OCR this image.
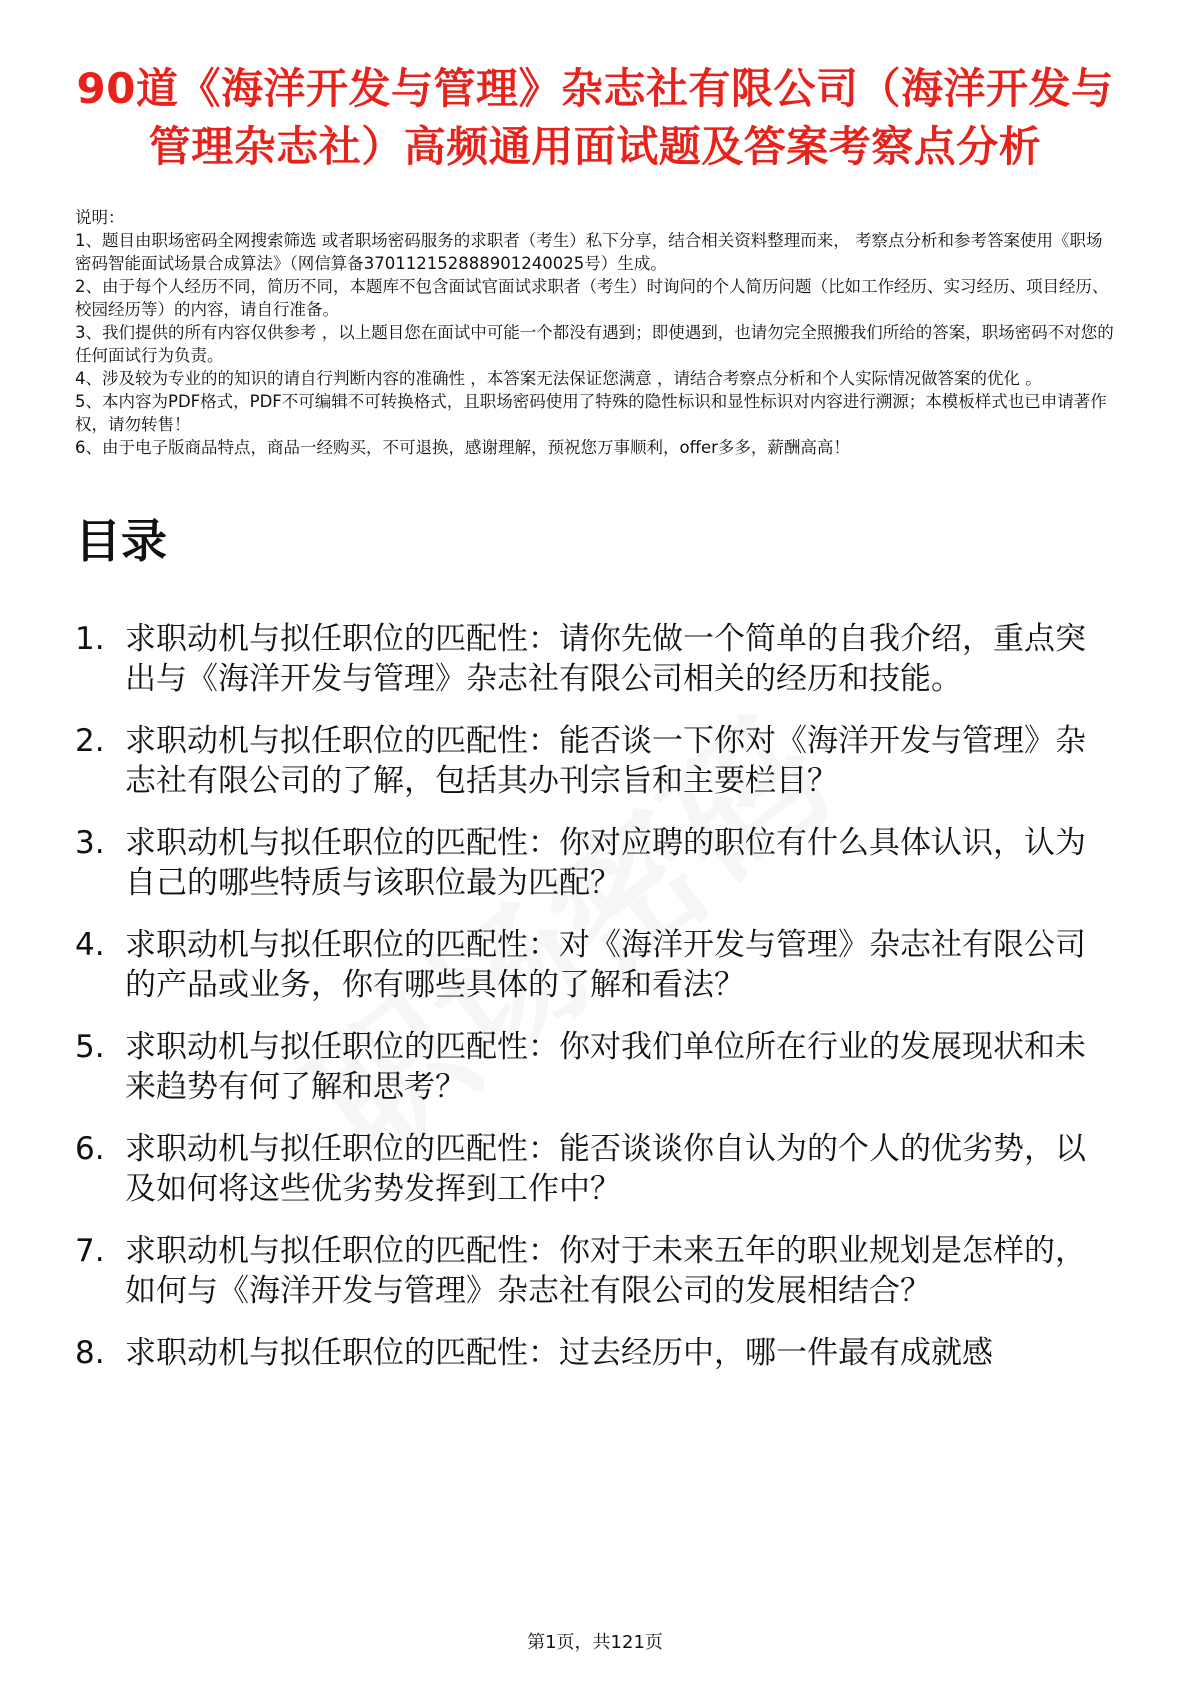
90道《海洋开发与管理》杂志社有限公司（海洋开发与管理杂志社）高频通用面试题及答案考察点分析
说明：
1、题目由职场密码全网搜索筛选 或者职场密码服务的求职者（考生）私下分享，结合相关资料整理而来， 考察点分析和参考答案使用《职场密码智能面试场景合成算法》（网信算备370112152888901240025号）生成。
2、由于每个人经历不同，简历不同，本题库不包含面试官面试求职者（考生）时询问的个人简历问题（比如工作经历、实习经历、项目经历、校园经历等）的内容，请自行准备。
3、我们提供的所有内容仅供参考 ，以上题目您在面试中可能一个都没有遇到；即使遇到，也请勿完全照搬我们所给的答案，职场密码不对您的任何面试行为负责。
4、涉及较为专业的的知识的请自行判断内容的准确性 ，本答案无法保证您满意 ，请结合考察点分析和个人实际情况做答案的优化 。
5、本内容为PDF格式，PDF不可编辑不可转换格式，且职场密码使用了特殊的隐性标识和显性标识对内容进行溯源；本模板样式也已申请著作权，请勿转售！
6、由于电子版商品特点，商品一经购买，不可退换，感谢理解，预祝您万事顺利，offer多多，薪酬高高！
目录
1. 求职动机与拟任职位的匹配性：请你先做一个简单的自我介绍，重点突出与《海洋开发与管理》杂志社有限公司相关的经历和技能。
2. 求职动机与拟任职位的匹配性：能否谈一下你对《海洋开发与管理》杂志社有限公司的了解，包括其办刊宗旨和主要栏目？
3. 求职动机与拟任职位的匹配性：你对应聘的职位有什么具体认识，认为自己的哪些特质与该职位最为匹配？
4. 求职动机与拟任职位的匹配性：对《海洋开发与管理》杂志社有限公司的产品或业务，你有哪些具体的了解和看法？
5. 求职动机与拟任职位的匹配性：你对我们单位所在行业的发展现状和未来趋势有何了解和思考？
6. 求职动机与拟任职位的匹配性：能否谈谈你自认为的个人的优劣势，以及如何将这些优劣势发挥到工作中？
7. 求职动机与拟任职位的匹配性：你对于未来五年的职业规划是怎样的，如何与《海洋开发与管理》杂志社有限公司的发展相结合？
8. 求职动机与拟任职位的匹配性：过去经历中，哪一件最有成就感
第1页，共121页
